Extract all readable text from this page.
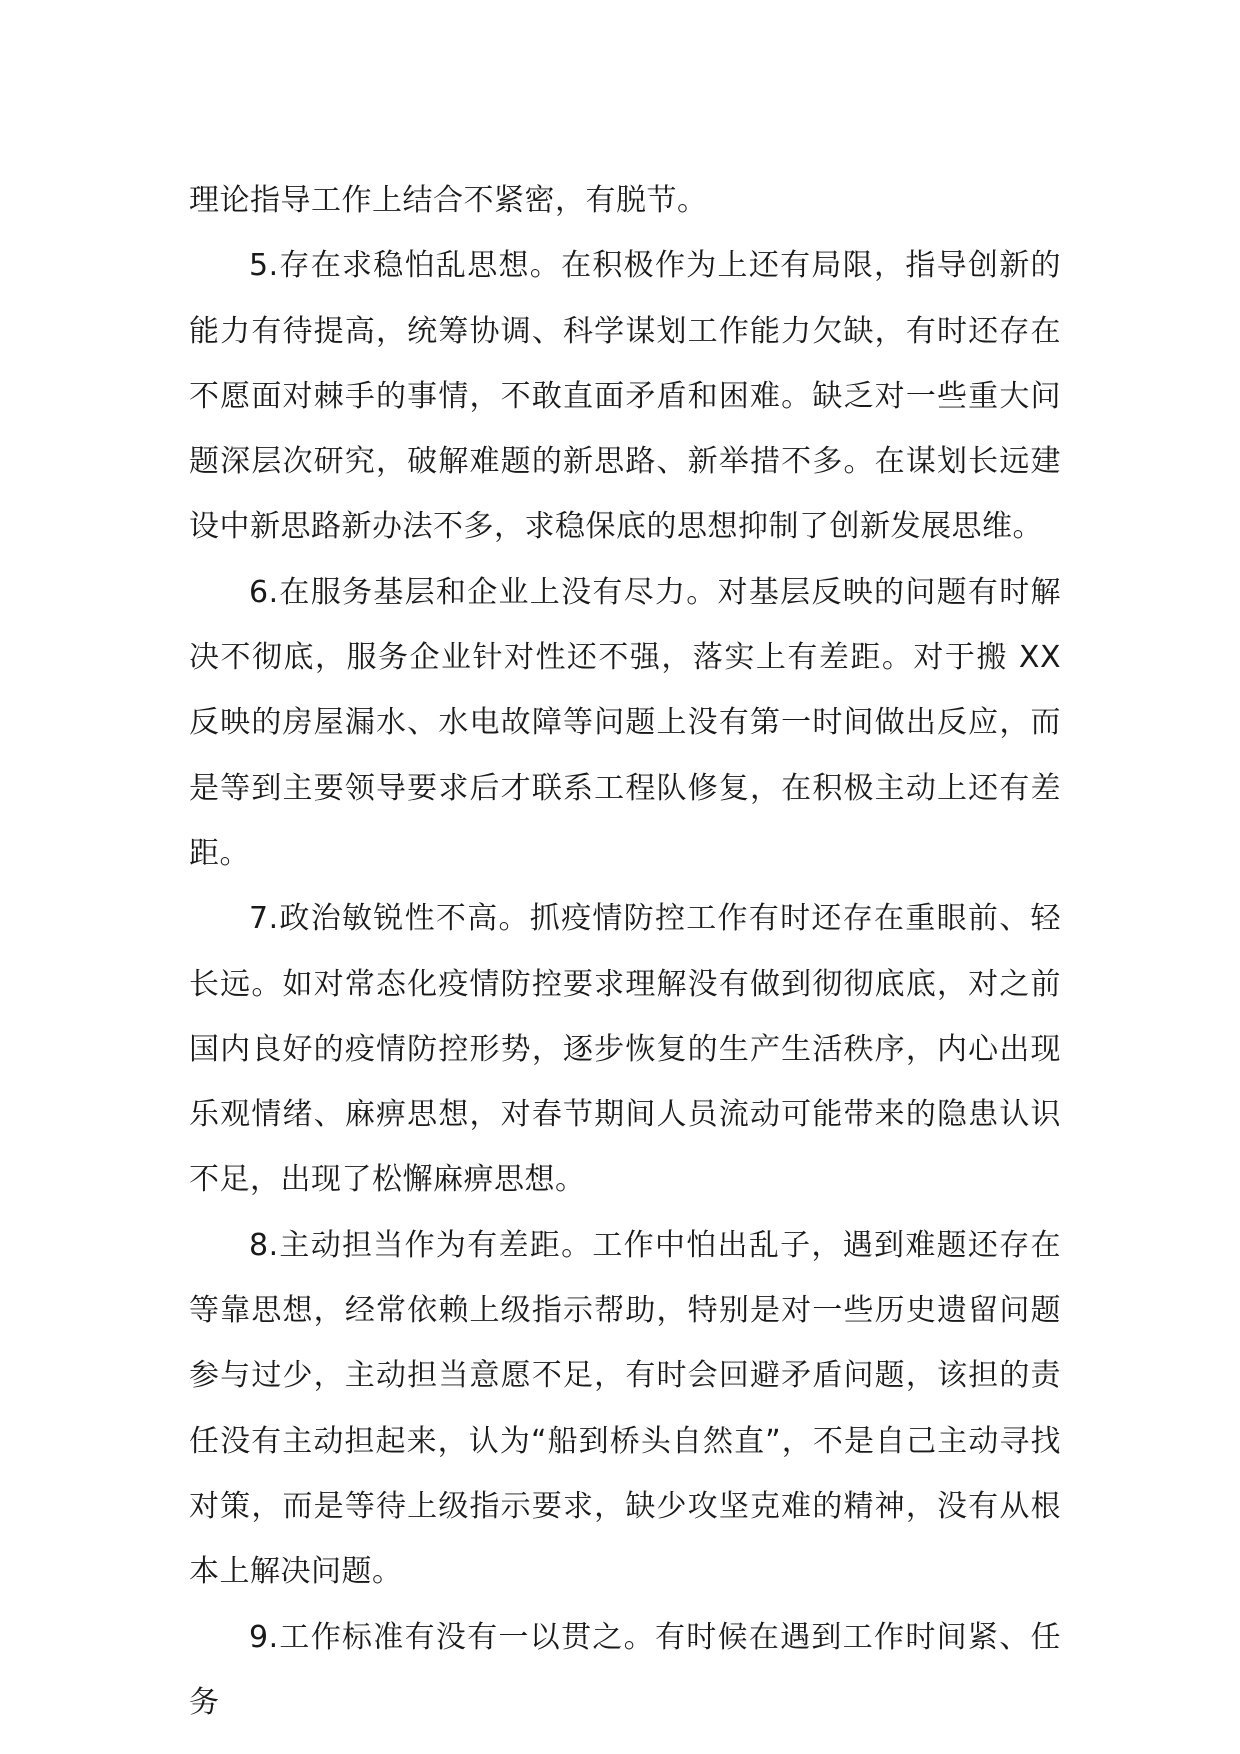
理论指导工作上结合不紧密，有脱节。

5.存在求稳怕乱思想。在积极作为上还有局限，指导创新的能力有待提高，统筹协调、科学谋划工作能力欠缺，有时还存在不愿面对棘手的事情，不敢直面矛盾和困难。缺乏对一些重大问题深层次研究，破解难题的新思路、新举措不多。在谋划长远建设中新思路新办法不多，求稳保底的思想抑制了创新发展思维。

6.在服务基层和企业上没有尽力。对基层反映的问题有时解决不彻底，服务企业针对性还不强，落实上有差距。对于搬 XX 反映的房屋漏水、水电故障等问题上没有第一时间做出反应，而是等到主要领导要求后才联系工程队修复，在积极主动上还有差距。

7.政治敏锐性不高。抓疫情防控工作有时还存在重眼前、轻长远。如对常态化疫情防控要求理解没有做到彻彻底底，对之前国内良好的疫情防控形势，逐步恢复的生产生活秩序，内心出现乐观情绪、麻痹思想，对春节期间人员流动可能带来的隐患认识不足，出现了松懈麻痹思想。

8.主动担当作为有差距。工作中怕出乱子，遇到难题还存在等靠思想，经常依赖上级指示帮助，特别是对一些历史遗留问题参与过少，主动担当意愿不足，有时会回避矛盾问题，该担的责任没有主动担起来，认为“船到桥头自然直”，不是自己主动寻找对策，而是等待上级指示要求，缺少攻坚克难的精神，没有从根本上解决问题。

9.工作标准有没有一以贯之。有时候在遇到工作时间紧、任务
